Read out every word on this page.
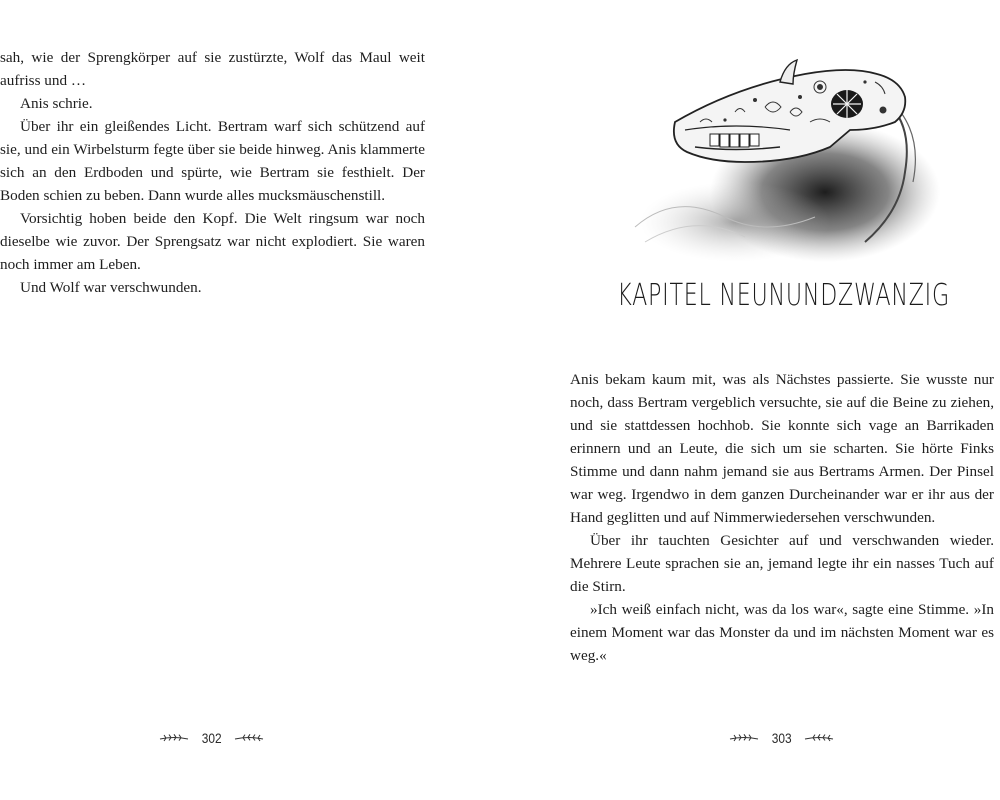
sah, wie der Sprengkörper auf sie zustürzte, Wolf das Maul weit aufriss und …

Anis schrie.

Über ihr ein gleißendes Licht. Bertram warf sich schützend auf sie, und ein Wirbelsturm fegte über sie beide hinweg. Anis klammerte sich an den Erdboden und spürte, wie Bertram sie festhielt. Der Boden schien zu beben. Dann wurde alles mucksmäuschenstill.

Vorsichtig hoben beide den Kopf. Die Welt ringsum war noch dieselbe wie zuvor. Der Sprengsatz war nicht explodiert. Sie waren noch immer am Leben.

Und Wolf war verschwunden.

302
KAPITEL NEUNUNDZWANZIG

Anis bekam kaum mit, was als Nächstes passierte. Sie wusste nur noch, dass Bertram vergeblich versuchte, sie auf die Beine zu ziehen, und sie stattdessen hochhob. Sie konnte sich vage an Barrikaden erinnern und an Leute, die sich um sie scharten. Sie hörte Finks Stimme und dann nahm jemand sie aus Bertrams Armen. Der Pinsel war weg. Irgendwo in dem ganzen Durcheinander war er ihr aus der Hand geglitten und auf Nimmerwiedersehen verschwunden.

Über ihr tauchten Gesichter auf und verschwanden wieder. Mehrere Leute sprachen sie an, jemand legte ihr ein nasses Tuch auf die Stirn.

»Ich weiß einfach nicht, was da los war«, sagte eine Stimme. »In einem Moment war das Monster da und im nächsten Moment war es weg.«

303
